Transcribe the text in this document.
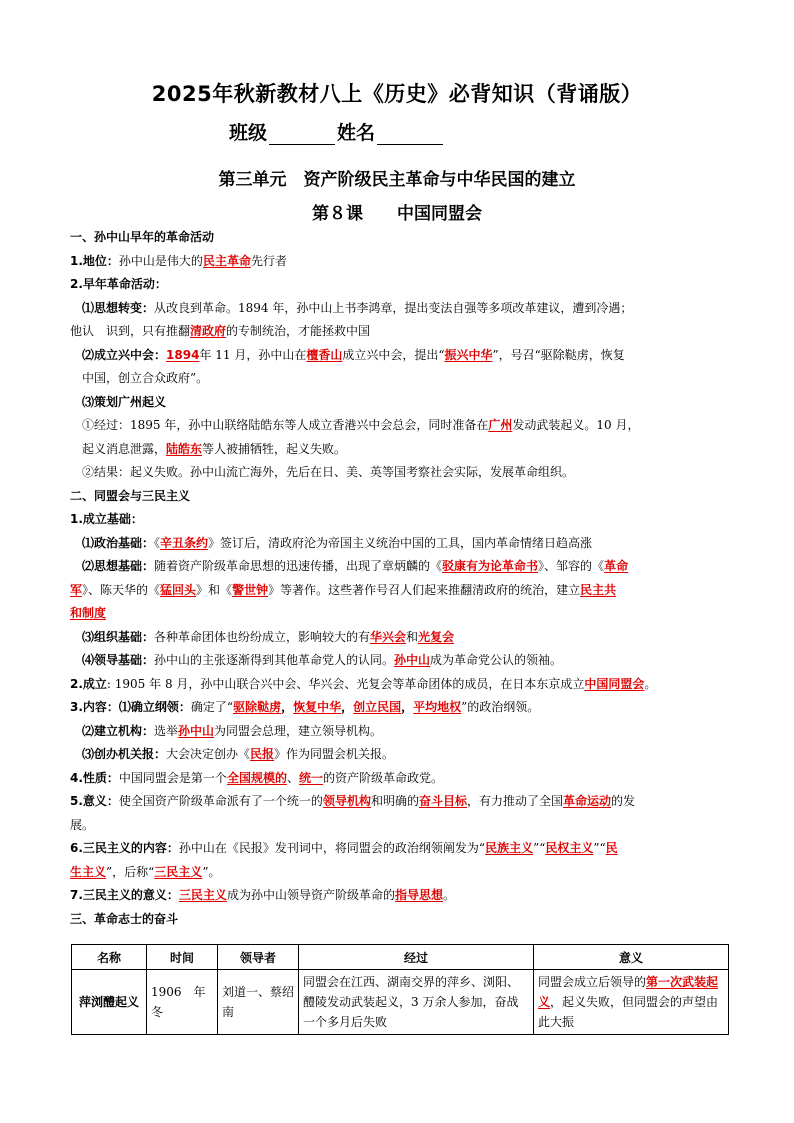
2025年秋新教材八上《历史》必背知识（背诵版）
班级	姓名
第三单元　资产阶级民主革命与中华民国的建立
第８课　　中国同盟会
一、孙中山早年的革命活动
1.地位：孙中山是伟大的民主革命先行者
2.早年革命活动：
⑴思想转变：从改良到革命。1894 年，孙中山上书李鸿章，提出变法自强等多项改革建议，遭到冷遇；
他认　识到，只有推翻清政府的专制统治，才能拯救中国
⑵成立兴中会：1894年 11 月，孙中山在檀香山成立兴中会，提出“振兴中华”，号召“驱除鞑虏，恢复
中国，创立合众政府”。
⑶策划广州起义
①经过：1895 年，孙中山联络陆皓东等人成立香港兴中会总会，同时准备在广州发动武装起义。10 月，
起义消息泄露，陆皓东等人被捕牺牲，起义失败。
②结果：起义失败。孙中山流亡海外，先后在日、美、英等国考察社会实际，发展革命组织。
二、同盟会与三民主义
1.成立基础：
⑴政治基础：《辛丑条约》签订后，清政府沦为帝国主义统治中国的工具，国内革命情绪日趋高涨
⑵思想基础：随着资产阶级革命思想的迅速传播，出现了章炳麟的《驳康有为论革命书》、邹容的《革命
军》、陈天华的《猛回头》和《警世钟》等著作。这些著作号召人们起来推翻清政府的统治，建立民主共
和制度
⑶组织基础：各种革命团体也纷纷成立，影响较大的有华兴会和光复会
⑷领导基础：孙中山的主张逐渐得到其他革命党人的认同。孙中山成为革命党公认的领袖。
2.成立: 1905 年 8 月，孙中山联合兴中会、华兴会、光复会等革命团体的成员，在日本东京成立中国同盟会。
3.内容：⑴确立纲领：确定了“驱除鞑虏，恢复中华，创立民国，平均地权”的政治纲领。
⑵建立机构：选举孙中山为同盟会总理，建立领导机构。
⑶创办机关报：大会决定创办《民报》作为同盟会机关报。
4.性质：中国同盟会是第一个全国规模的、统一的资产阶级革命政党。
5.意义：使全国资产阶级革命派有了一个统一的领导机构和明确的奋斗目标，有力推动了全国革命运动的发
展。
6.三民主义的内容：孙中山在《民报》发刊词中，将同盟会的政治纲领阐发为“民族主义”“民权主义”“民
生主义”，后称“三民主义”。
7.三民主义的意义：三民主义成为孙中山领导资产阶级革命的指导思想。
三、革命志士的奋斗
名称	时间	领导者	经过	意义
萍浏醴起义	1906　年冬	刘道一、蔡绍南	同盟会在江西、湖南交界的萍乡、浏阳、醴陵发动武装起义，3 万余人参加，奋战一个多月后失败	同盟会成立后领导的第一次武装起义，起义失败，但同盟会的声望由此大振
